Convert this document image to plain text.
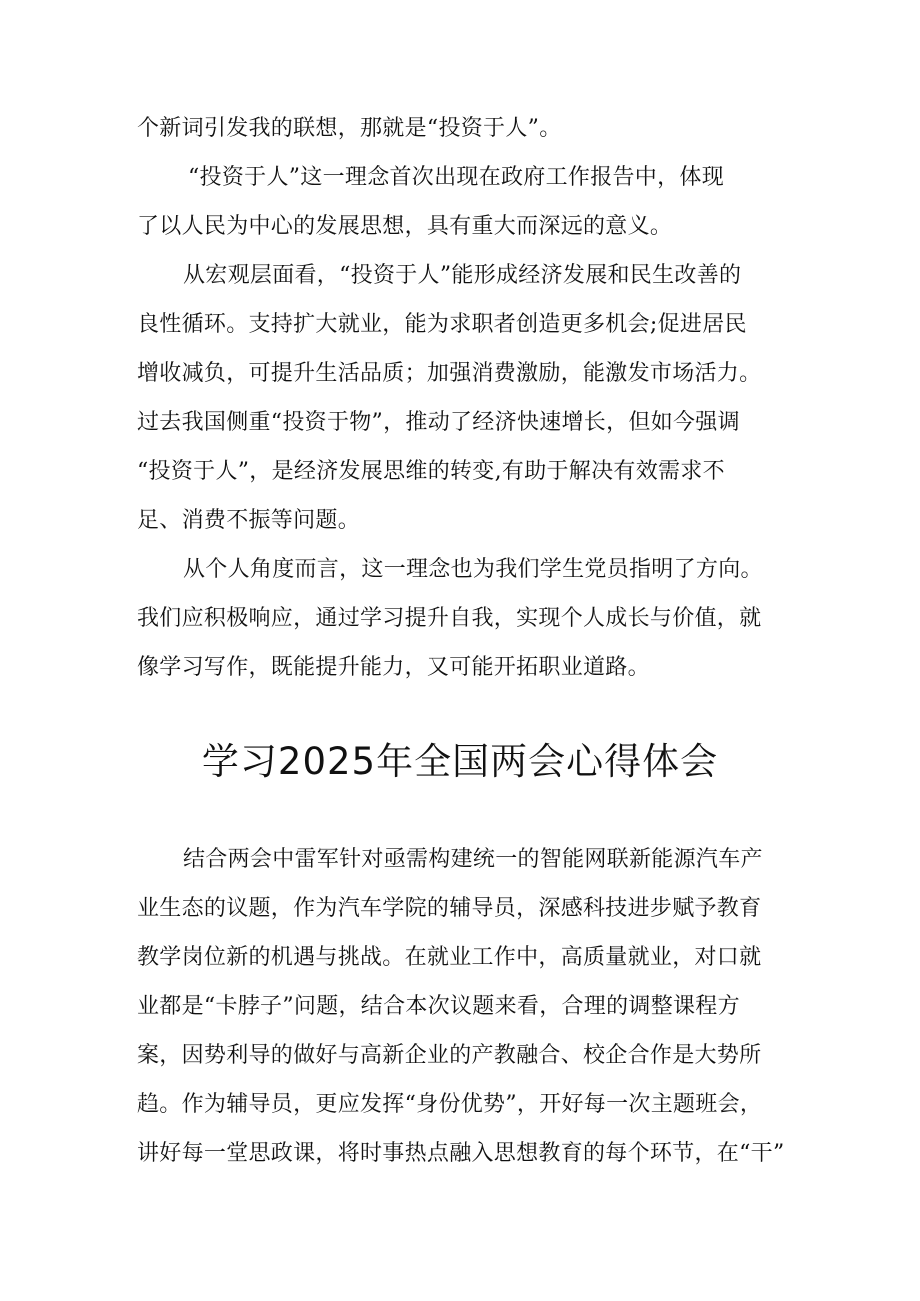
个新词引发我的联想，那就是“投资于人”。
“投资于人”这一理念首次出现在政府工作报告中，体现
了以人民为中心的发展思想，具有重大而深远的意义。
从宏观层面看，“投资于人”能形成经济发展和民生改善的
良性循环。支持扩大就业，能为求职者创造更多机会;促进居民
增收减负，可提升生活品质；加强消费激励，能激发市场活力。
过去我国侧重“投资于物”，推动了经济快速增长，但如今强调
“投资于人”，是经济发展思维的转变,有助于解决有效需求不
足、消费不振等问题。
从个人角度而言，这一理念也为我们学生党员指明了方向。
我们应积极响应，通过学习提升自我，实现个人成长与价值，就
像学习写作，既能提升能力，又可能开拓职业道路。
学习2025年全国两会心得体会
结合两会中雷军针对亟需构建统一的智能网联新能源汽车产
业生态的议题，作为汽车学院的辅导员，深感科技进步赋予教育
教学岗位新的机遇与挑战。在就业工作中，高质量就业，对口就
业都是“卡脖子”问题，结合本次议题来看，合理的调整课程方
案，因势利导的做好与高新企业的产教融合、校企合作是大势所
趋。作为辅导员，更应发挥“身份优势”，开好每一次主题班会，
讲好每一堂思政课，将时事热点融入思想教育的每个环节，在“干”
